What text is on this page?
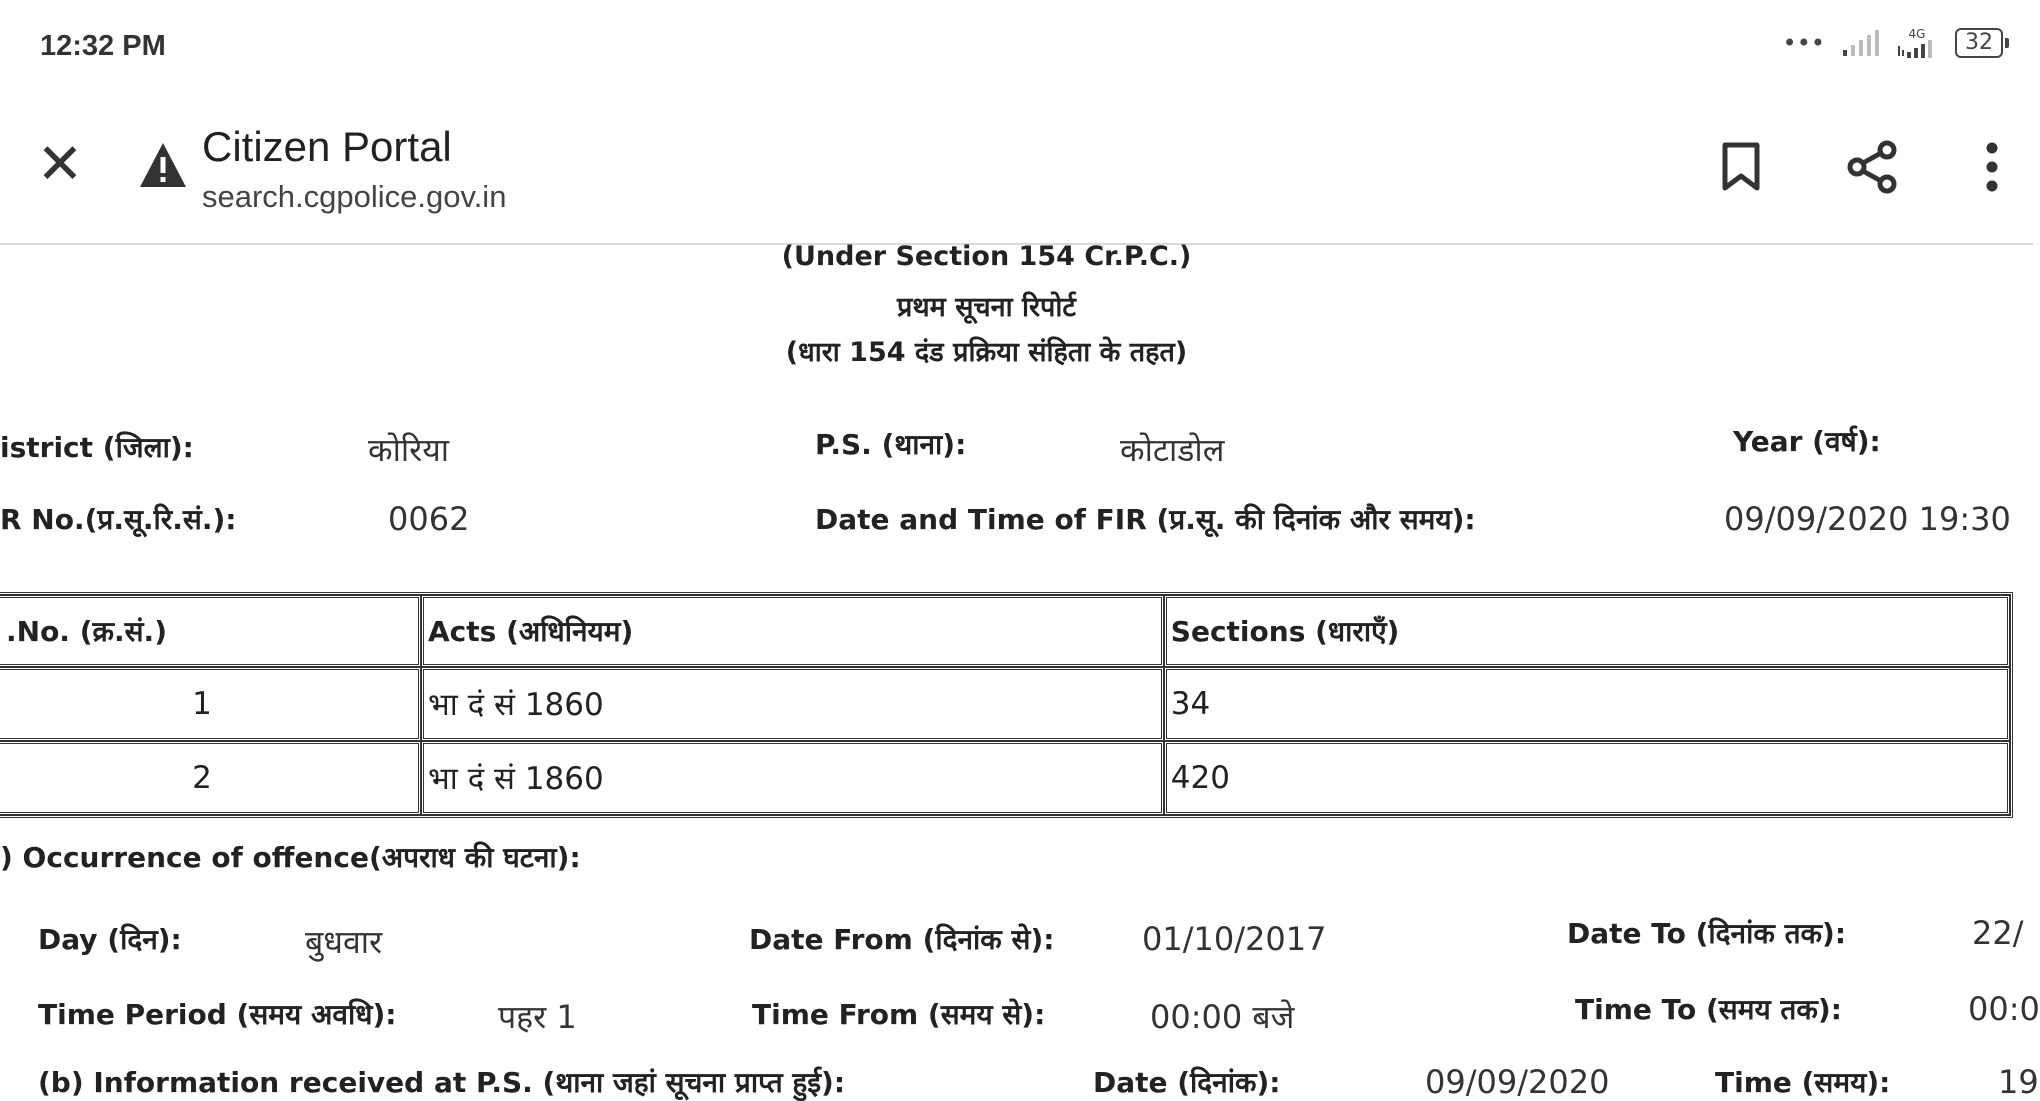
12:32 PM	•••	4G	32
✕	Citizen Portal
search.cgpolice.gov.in
(Under Section 154 Cr.P.C.)
प्रथम सूचना रिपोर्ट
(धारा 154 दंड प्रक्रिया संहिता के तहत)
istrict (जिला):	कोरिया	P.S. (थाना):	कोटाडोल	Year (वर्ष):
R No.(प्र.सू.रि.सं.):	0062	Date and Time of FIR (प्र.सू. की दिनांक और समय):	09/09/2020 19:30
.No. (क्र.सं.)	Acts (अधिनियम)	Sections (धाराएँ)
1	भा दं सं 1860	34
2	भा दं सं 1860	420
) Occurrence of offence(अपराध की घटना):
Day (दिन):	बुधवार	Date From (दिनांक से):	01/10/2017	Date To (दिनांक तक):	22/
Time Period (समय अवधि):	पहर 1	Time From (समय से):	00:00 बजे	Time To (समय तक):	00:0
(b) Information received at P.S. (थाना जहां सूचना प्राप्त हुई):	Date (दिनांक):	09/09/2020	Time (समय):	19
